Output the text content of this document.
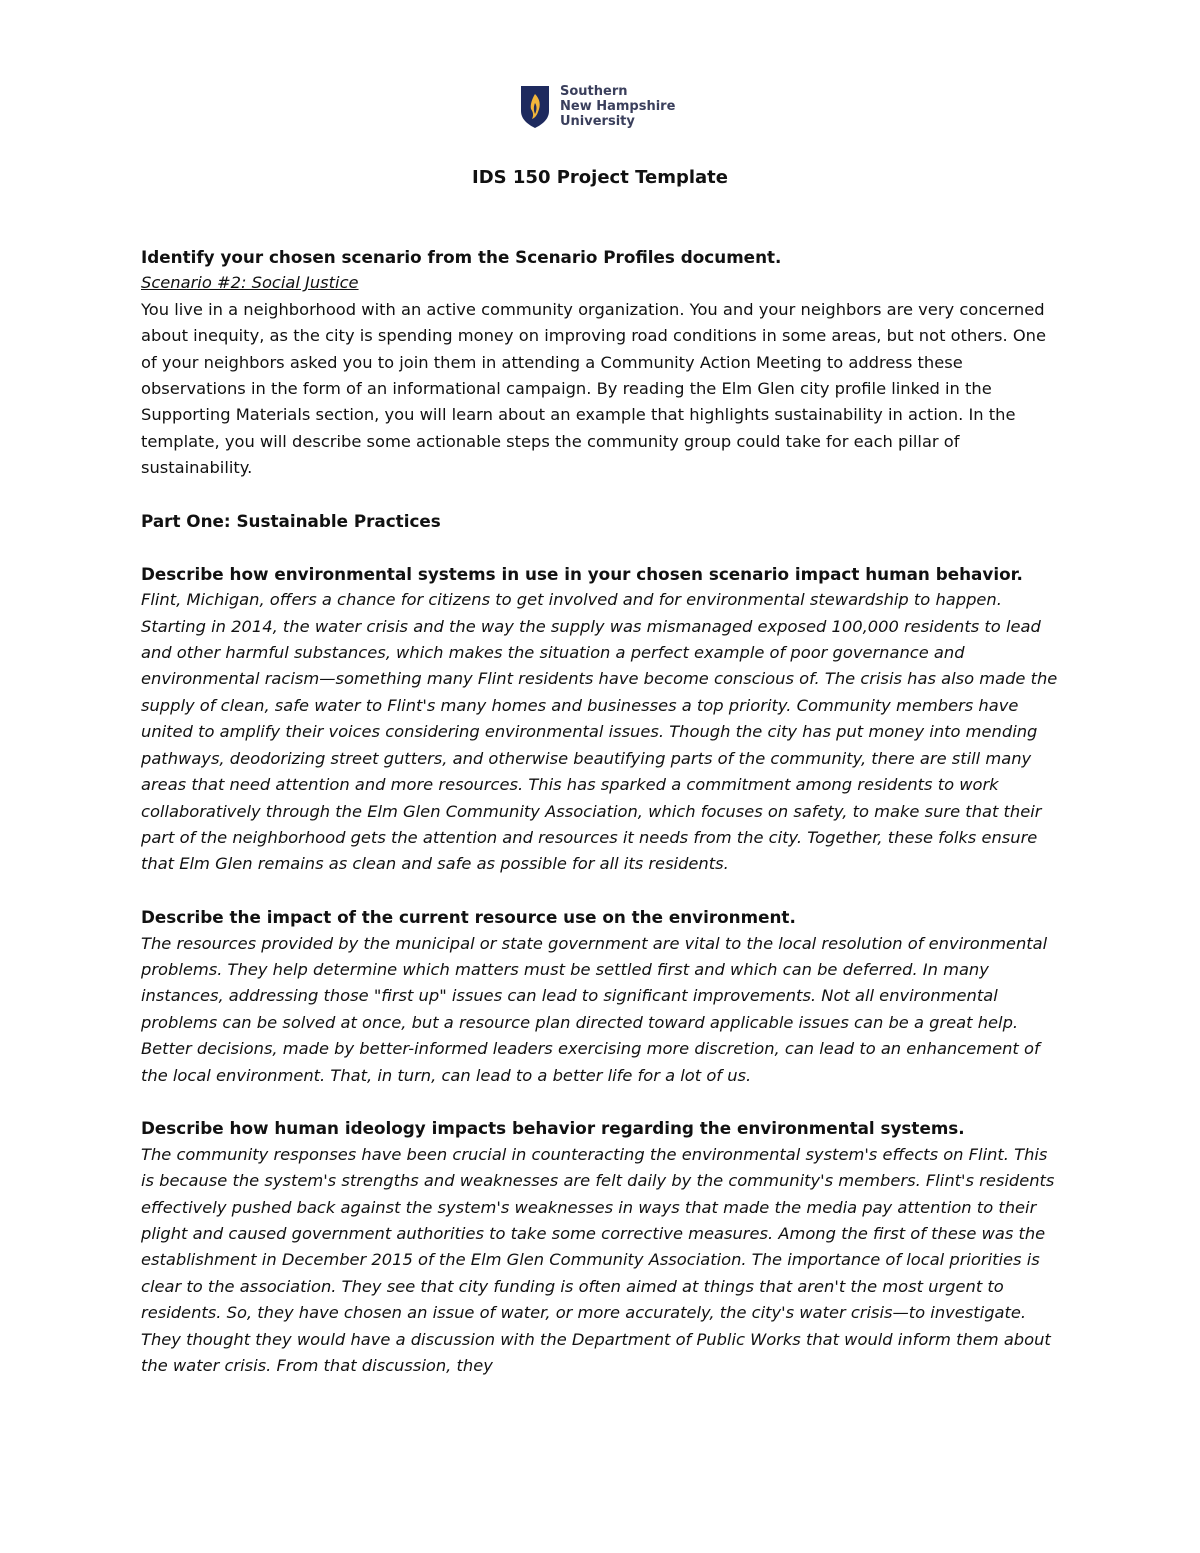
Southern
New Hampshire
University
IDS 150 Project Template

Identify your chosen scenario from the Scenario Profiles document.

Scenario #2: Social Justice

You live in a neighborhood with an active community organization. You and your neighbors are very concerned about inequity, as the city is spending money on improving road conditions in some areas, but not others. One of your neighbors asked you to join them in attending a Community Action Meeting to address these observations in the form of an informational campaign. By reading the Elm Glen city profile linked in the Supporting Materials section, you will learn about an example that highlights sustainability in action. In the template, you will describe some actionable steps the community group could take for each pillar of sustainability.

Part One: Sustainable Practices

Describe how environmental systems in use in your chosen scenario impact human behavior.

Flint, Michigan, offers a chance for citizens to get involved and for environmental stewardship to happen. Starting in 2014, the water crisis and the way the supply was mismanaged exposed 100,000 residents to lead and other harmful substances, which makes the situation a perfect example of poor governance and environmental racism—something many Flint residents have become conscious of. The crisis has also made the supply of clean, safe water to Flint's many homes and businesses a top priority. Community members have united to amplify their voices considering environmental issues. Though the city has put money into mending pathways, deodorizing street gutters, and otherwise beautifying parts of the community, there are still many areas that need attention and more resources. This has sparked a commitment among residents to work collaboratively through the Elm Glen Community Association, which focuses on safety, to make sure that their part of the neighborhood gets the attention and resources it needs from the city. Together, these folks ensure that Elm Glen remains as clean and safe as possible for all its residents.

Describe the impact of the current resource use on the environment.

The resources provided by the municipal or state government are vital to the local resolution of environmental problems. They help determine which matters must be settled first and which can be deferred. In many instances, addressing those "first up" issues can lead to significant improvements. Not all environmental problems can be solved at once, but a resource plan directed toward applicable issues can be a great help. Better decisions, made by better-informed leaders exercising more discretion, can lead to an enhancement of the local environment. That, in turn, can lead to a better life for a lot of us.

Describe how human ideology impacts behavior regarding the environmental systems.

The community responses have been crucial in counteracting the environmental system's effects on Flint. This is because the system's strengths and weaknesses are felt daily by the community's members. Flint's residents effectively pushed back against the system's weaknesses in ways that made the media pay attention to their plight and caused government authorities to take some corrective measures. Among the first of these was the establishment in December 2015 of the Elm Glen Community Association. The importance of local priorities is clear to the association. They see that city funding is often aimed at things that aren't the most urgent to residents. So, they have chosen an issue of water, or more accurately, the city's water crisis—to investigate. They thought they would have a discussion with the Department of Public Works that would inform them about the water crisis. From that discussion, they
